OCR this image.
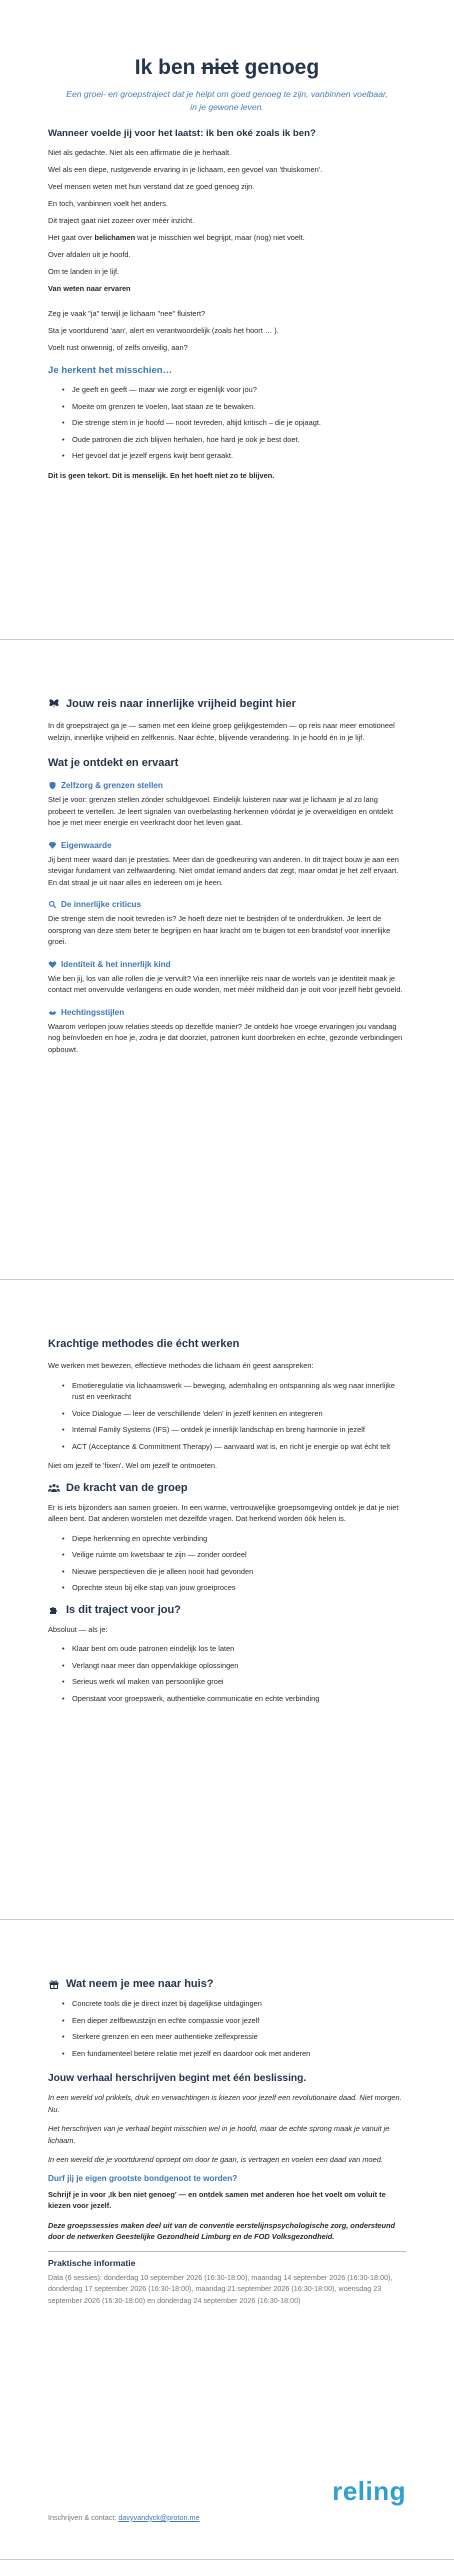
Ik ben niet genoeg

Een groei- en groepstraject dat je helpt om goed genoeg te zijn, vanbinnen voelbaar, in je gewone leven.

Wanneer voelde jij voor het laatst: ik ben oké zoals ik ben?

Niet als gedachte. Niet als een affirmatie die je herhaalt.

Wel als een diepe, rustgevende ervaring in je lichaam, een gevoel van 'thuiskomen'.

Veel mensen weten met hun verstand dat ze goed genoeg zijn.

En toch, vanbinnen voelt het anders.

Dit traject gaat niet zozeer over méér inzicht.

Het gaat over belichamen wat je misschien wel begrijpt, maar (nog) niet voelt.

Over afdalen uit je hoofd.

Om te landen in je lijf.

Van weten naar ervaren

Zeg je vaak "ja" terwijl je lichaam "nee" fluistert?

Sta je voortdurend 'aan', alert en verantwoordelijk (zoals het hoort … ).

Voelt rust onwennig, of zelfs onveilig, aan?

Je herkent het misschien…
• Je geeft en geeft — maar wie zorgt er eigenlijk voor jou?
• Moeite om grenzen te voelen, laat staan ze te bewaken.
• Die strenge stem in je hoofd — nooit tevreden, altijd kritisch – die je opjaagt.
• Oude patronen die zich blijven herhalen, hoe hard je ook je best doet.
• Het gevoel dat je jezelf ergens kwijt bent geraakt.

Dit is geen tekort. Dit is menselijk. En het hoeft niet zo te blijven.

Jouw reis naar innerlijke vrijheid begint hier

In dit groepstraject ga je — samen met een kleine groep gelijkgestemden — op reis naar meer emotioneel welzijn, innerlijke vrijheid en zelfkennis. Naar échte, blijvende verandering. In je hoofd én in je lijf.

Wat je ontdekt en ervaart
Zelfzorg & grenzen stellen

Stel je voor: grenzen stellen zónder schuldgevoel. Eindelijk luisteren naar wat je lichaam je al zo lang probeert te vertellen. Je leert signalen van overbelasting herkennen vóórdat je je overweldigen en ontdekt hoe je met meer energie en veerkracht door het leven gaat.

Eigenwaarde

Jij bent meer waard dan je prestaties. Meer dan de goedkeuring van anderen. In dit traject bouw je aan een stevigar fundament van zelfwaardering. Niet omdat iemand anders dat zegt, maar omdat je het zelf ervaart. En dat straal je uit naar alles en iedereen om je heen.

De innerlijke criticus

Die strenge stem die nooit tevreden is? Je hoeft deze niet te bestrijden of te onderdrukken. Je leert de oorsprong van deze stem beter te begrijpen en haar kracht om te buigen tot een brandstof voor innerlijke groei.

Identiteit & het innerlijk kind

Wie ben jij, los van alle rollen die je vervult? Via een innerlijke reis naar de wortels van je identiteit maak je contact met onvervulde verlangens en oude wonden, met méér mildheid dan je ooit voor jezelf hebt gevoeld.

Hechtingsstijlen

Waarom verlopen jouw relaties steeds op dezelfde manier? Je ontdekt hoe vroege ervaringen jou vandaag nog beïnvloeden en hoe je, zodra je dat doorziet, patronen kunt doorbreken en echte, gezonde verbindingen opbouwt.

Krachtige methodes die écht werken

We werken met bewezen, effectieve methodes die lichaam én geest aanspreken:

• Emotieregulatie via lichaamswerk — beweging, ademhaling en ontspanning als weg naar innerlijke rust en veerkracht
• Voice Dialogue — leer de verschillende 'delen' in jezelf kennen en integreren
• Internal Family Systems (IFS) — ontdek je innerlijk landschap en breng harmonie in jezelf
• ACT (Acceptance & Commitment Therapy) — aanvaard wat is, en richt je energie op wat écht telt

Niet om jezelf te 'fixen'. Wel om jezelf te ontmoeten.

De kracht van de groep

Er is iets bijzonders aan samen groeien. In een warme, vertrouwelijke groepsomgeving ontdek je dat je niet alleen bent. Dat anderen worstelen met dezelfde vragen. Dat herkend worden óók helen is.

• Diepe herkenning en oprechte verbinding
• Veilige ruimte om kwetsbaar te zijn — zonder oordeel
• Nieuwe perspectieven die je alleen nooit had gevonden
• Oprechte steun bij elke stap van jouw groeiproces
Is dit traject voor jou?

Absoluut — als je:

• Klaar bent om oude patronen eindelijk los te laten
• Verlangt naar meer dan oppervlakkige oplossingen
• Serieus werk wil maken van persoonlijke groei
• Openstaat voor groepswerk, authentieke communicatie en echte verbinding
Wat neem je mee naar huis?
• Concrete tools die je direct inzet bij dagelijkse uitdagingen
• Een dieper zelfbewustzijn en echte compassie voor jezelf
• Sterkere grenzen en een meer authentieke zelfexpressie
• Een fundamenteel betere relatie met jezelf en daardoor ook met anderen
Jouw verhaal herschrijven begint met één beslissing.

In een wereld vol prikkels, druk en verwachtingen is kiezen voor jezelf een revolutionaire daad. Niet morgen. Nu.

Het herschrijven van je verhaal begint misschien wel in je hoofd, maar de echte sprong maak je vanuit je lichaam.

In een wereld die je voortdurend oproept om door te gaan, is vertragen en voelen een daad van moed.

Durf jij je eigen grootste bondgenoot te worden?

Schrijf je in voor ‚Ik ben niet genoeg' — en ontdek samen met anderen hoe het voelt om voluit te kiezen voor jezelf.

Deze groepssessies maken deel uit van de conventie eerstelijnspsychologische zorg, ondersteund door de netwerken Geestelijke Gezondheid Limburg en de FOD Volksgezondheid.

Praktische informatie

Data (6 sessies): donderdag 10 september 2026 (16:30-18:00), maandag 14 september 2026 (16:30-18:00), donderdag 17 september 2026 (16:30-18:00), maandag 21 september 2026 (16:30-18:00), woensdag 23 september 2026 (16:30-18:00) en donderdag 24 september 2026 (16:30-18:00)

Inschrijven & contact: davyvandyck@proton.me

reling
